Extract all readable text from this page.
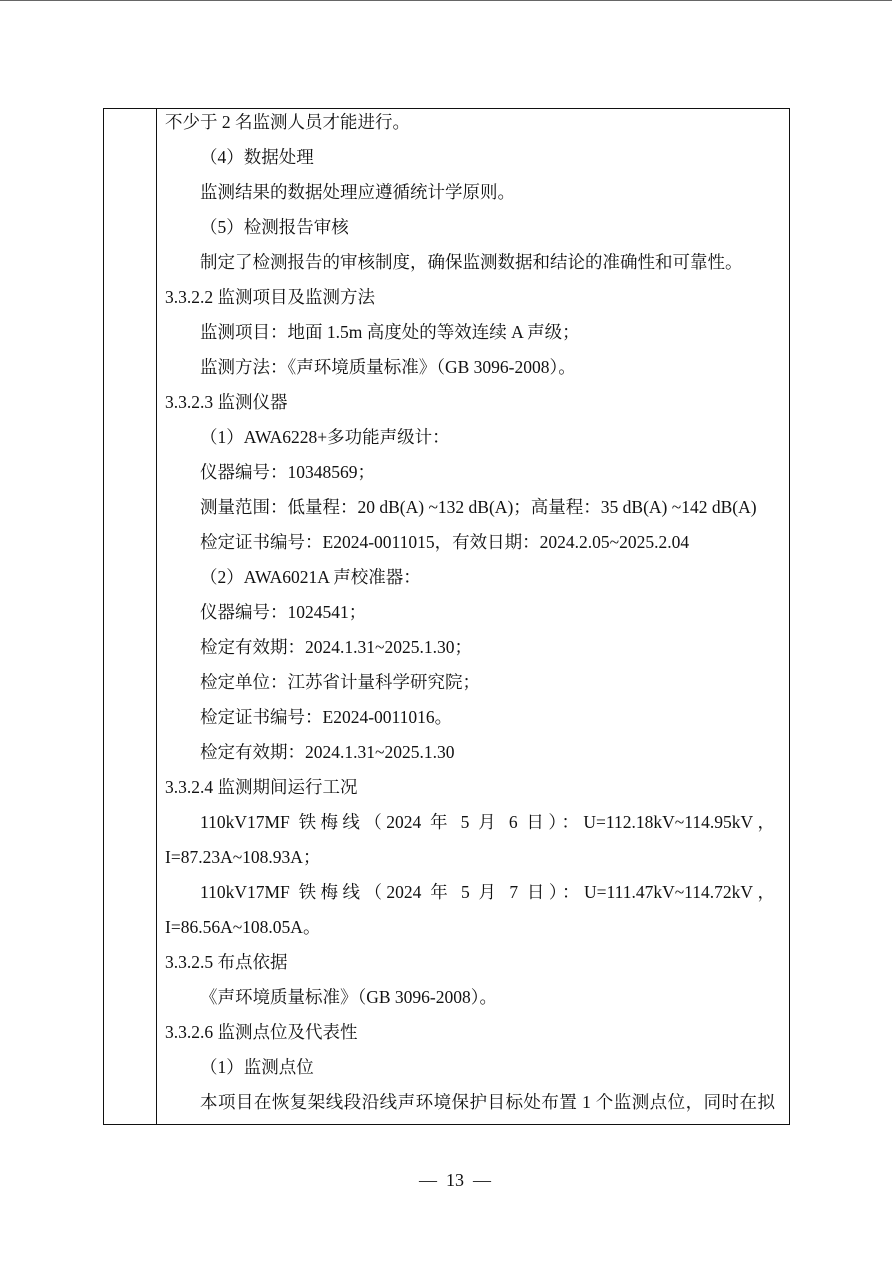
不少于 2 名监测人员才能进行。
（4）数据处理
监测结果的数据处理应遵循统计学原则。
（5）检测报告审核
制定了检测报告的审核制度，确保监测数据和结论的准确性和可靠性。
3.3.2.2 监测项目及监测方法
监测项目：地面 1.5m 高度处的等效连续 A 声级；
监测方法：《声环境质量标准》（GB 3096-2008）。
3.3.2.3 监测仪器
（1）AWA6228+多功能声级计：
仪器编号：10348569；
测量范围：低量程：20 dB(A) ~132 dB(A)；高量程：35 dB(A) ~142 dB(A)
检定证书编号：E2024-0011015，有效日期：2024.2.05~2025.2.04
（2）AWA6021A 声校准器：
仪器编号：1024541；
检定有效期：2024.1.31~2025.1.30；
检定单位：江苏省计量科学研究院；
检定证书编号：E2024-0011016。
检定有效期：2024.1.31~2025.1.30
3.3.2.4 监测期间运行工况
110kV17MF 铁梅线（2024 年 5 月 6 日）：U=112.18kV~114.95kV，
I=87.23A~108.93A；
110kV17MF 铁梅线（2024 年 5 月 7 日）：U=111.47kV~114.72kV，
I=86.56A~108.05A。
3.3.2.5 布点依据
《声环境质量标准》（GB 3096-2008）。
3.3.2.6 监测点位及代表性
（1）监测点位
本项目在恢复架线段沿线声环境保护目标处布置 1 个监测点位，同时在拟
—  13  —
